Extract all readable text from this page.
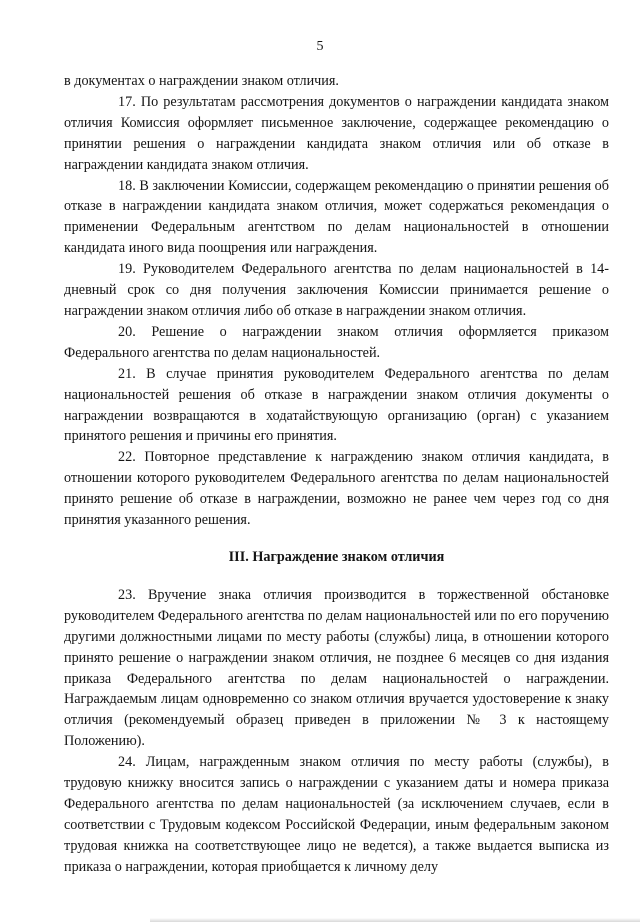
5

в документах о награждении знаком отличия.

17. По результатам рассмотрения документов о награждении кандидата знаком отличия Комиссия оформляет письменное заключение, содержащее рекомендацию о принятии решения о награждении кандидата знаком отличия или об отказе в награждении кандидата знаком отличия.

18. В заключении Комиссии, содержащем рекомендацию о принятии решения об отказе в награждении кандидата знаком отличия, может содержаться рекомендация о применении Федеральным агентством по делам национальностей в отношении кандидата иного вида поощрения или награждения.

19. Руководителем Федерального агентства по делам национальностей в 14-дневный срок со дня получения заключения Комиссии принимается решение о награждении знаком отличия либо об отказе в награждении знаком отличия.

20. Решение о награждении знаком отличия оформляется приказом Федерального агентства по делам национальностей.

21. В случае принятия руководителем Федерального агентства по делам национальностей решения об отказе в награждении знаком отличия документы о награждении возвращаются в ходатайствующую организацию (орган) с указанием принятого решения и причины его принятия.

22. Повторное представление к награждению знаком отличия кандидата, в отношении которого руководителем Федерального агентства по делам национальностей принято решение об отказе в награждении, возможно не ранее чем через год со дня принятия указанного решения.

III. Награждение знаком отличия

23. Вручение знака отличия производится в торжественной обстановке руководителем Федерального агентства по делам национальностей или по его поручению другими должностными лицами по месту работы (службы) лица, в отношении которого принято решение о награждении знаком отличия, не позднее 6 месяцев со дня издания приказа Федерального агентства по делам национальностей о награждении. Награждаемым лицам одновременно со знаком отличия вручается удостоверение к знаку отличия (рекомендуемый образец приведен в приложении № 3 к настоящему Положению).

24. Лицам, награжденным знаком отличия по месту работы (службы), в трудовую книжку вносится запись о награждении с указанием даты и номера приказа Федерального агентства по делам национальностей (за исключением случаев, если в соответствии с Трудовым кодексом Российской Федерации, иным федеральным законом трудовая книжка на соответствующее лицо не ведется), а также выдается выписка из приказа о награждении, которая приобщается к личному делу
